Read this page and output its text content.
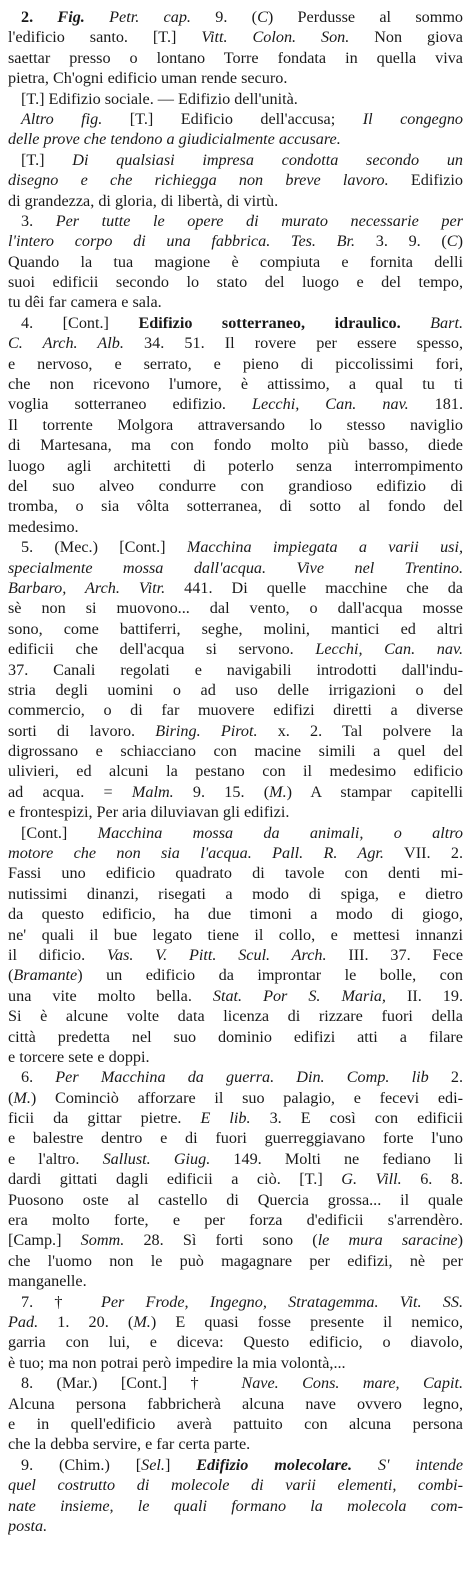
2. Fig. Petr. cap. 9. (C) Perdusse al sommo
l'edificio santo. [T.] Vitt. Colon. Son. Non giova
saettar presso o lontano Torre fondata in quella viva
pietra, Ch'ogni edificio uman rende securo.
[T.] Edifizio sociale. — Edifizio dell'unità.
Altro fig. [T.] Edificio dell'accusa; Il congegno
delle prove che tendono a giudicialmente accusare.
[T.] Di qualsiasi impresa condotta secondo un
disegno e che richiegga non breve lavoro. Edifizio
di grandezza, di gloria, di libertà, di virtù.
3. Per tutte le opere di murato necessarie per
l'intero corpo di una fabbrica. Tes. Br. 3. 9. (C)
Quando la tua magione è compiuta e fornita delli
suoi edificii secondo lo stato del luogo e del tempo,
tu dêi far camera e sala.
4. [Cont.] Edifizio sotterraneo, idraulico. Bart.
C. Arch. Alb. 34. 51. Il rovere per essere spesso,
e nervoso, e serrato, e pieno di piccolissimi fori,
che non ricevono l'umore, è attissimo, a qual tu ti
voglia sotterraneo edifizio. Lecchi, Can. nav. 181.
Il torrente Molgora attraversando lo stesso naviglio
di Martesana, ma con fondo molto più basso, diede
luogo agli architetti di poterlo senza interrompimento
del suo alveo condurre con grandioso edifizio di
tromba, o sia vôlta sotterranea, di sotto al fondo del
medesimo.
5. (Mec.) [Cont.] Macchina impiegata a varii usi,
specialmente mossa dall'acqua. Vive nel Trentino.
Barbaro, Arch. Vitr. 441. Di quelle macchine che da
sè non si muovono... dal vento, o dall'acqua mosse
sono, come battiferri, seghe, molini, mantici ed altri
edificii che dell'acqua si servono. Lecchi, Can. nav.
37. Canali regolati e navigabili introdotti dall'indu-
stria degli uomini o ad uso delle irrigazioni o del
commercio, o di far muovere edifizi diretti a diverse
sorti di lavoro. Biring. Pirot. x. 2. Tal polvere la
digrossano e schiacciano con macine simili a quel del
ulivieri, ed alcuni la pestano con il medesimo edificio
ad acqua. = Malm. 9. 15. (M.) A stampar capitelli
e frontespizi, Per aria diluviavan gli edifizi.
[Cont.] Macchina mossa da animali, o altro
motore che non sia l'acqua. Pall. R. Agr. VII. 2.
Fassi uno edificio quadrato di tavole con denti mi-
nutissimi dinanzi, risegati a modo di spiga, e dietro
da questo edificio, ha due timoni a modo di giogo,
ne' quali il bue legato tiene il collo, e mettesi innanzi
il dificio. Vas. V. Pitt. Scul. Arch. III. 37. Fece
(Bramante) un edificio da improntar le bolle, con
una vite molto bella. Stat. Por S. Maria, II. 19.
Si è alcune volte data licenza di rizzare fuori della
città predetta nel suo dominio edifizi atti a filare
e torcere sete e doppi.
6. Per Macchina da guerra. Din. Comp. lib 2.
(M.) Cominciò afforzare il suo palagio, e fecevi edi-
ficii da gittar pietre. E lib. 3. E così con edificii
e balestre dentro e di fuori guerreggiavano forte l'uno
e l'altro. Sallust. Giug. 149. Molti ne fediano li
dardi gittati dagli edificii a ciò. [T.] G. Vill. 6. 8.
Puosono oste al castello di Quercia grossa... il quale
era molto forte, e per forza d'edificii s'arrendèro.
[Camp.] Somm. 28. Sì forti sono (le mura saracine)
che l'uomo non le può magagnare per edifizi, nè per
manganelle.
7. † Per Frode, Ingegno, Stratagemma. Vit. SS.
Pad. 1. 20. (M.) E quasi fosse presente il nemico,
garria con lui, e diceva: Questo edificio, o diavolo,
è tuo; ma non potrai però impedire la mia volontà,...
8. (Mar.) [Cont.] † Nave. Cons. mare, Capit.
Alcuna persona fabbricherà alcuna nave ovvero legno,
e in quell'edificio averà pattuito con alcuna persona
che la debba servire, e far certa parte.
9. (Chim.) [Sel.] Edifizio molecolare. S' intende
quel costrutto di molecole di varii elementi, combi-
nate insieme, le quali formano la molecola com-
posta.
